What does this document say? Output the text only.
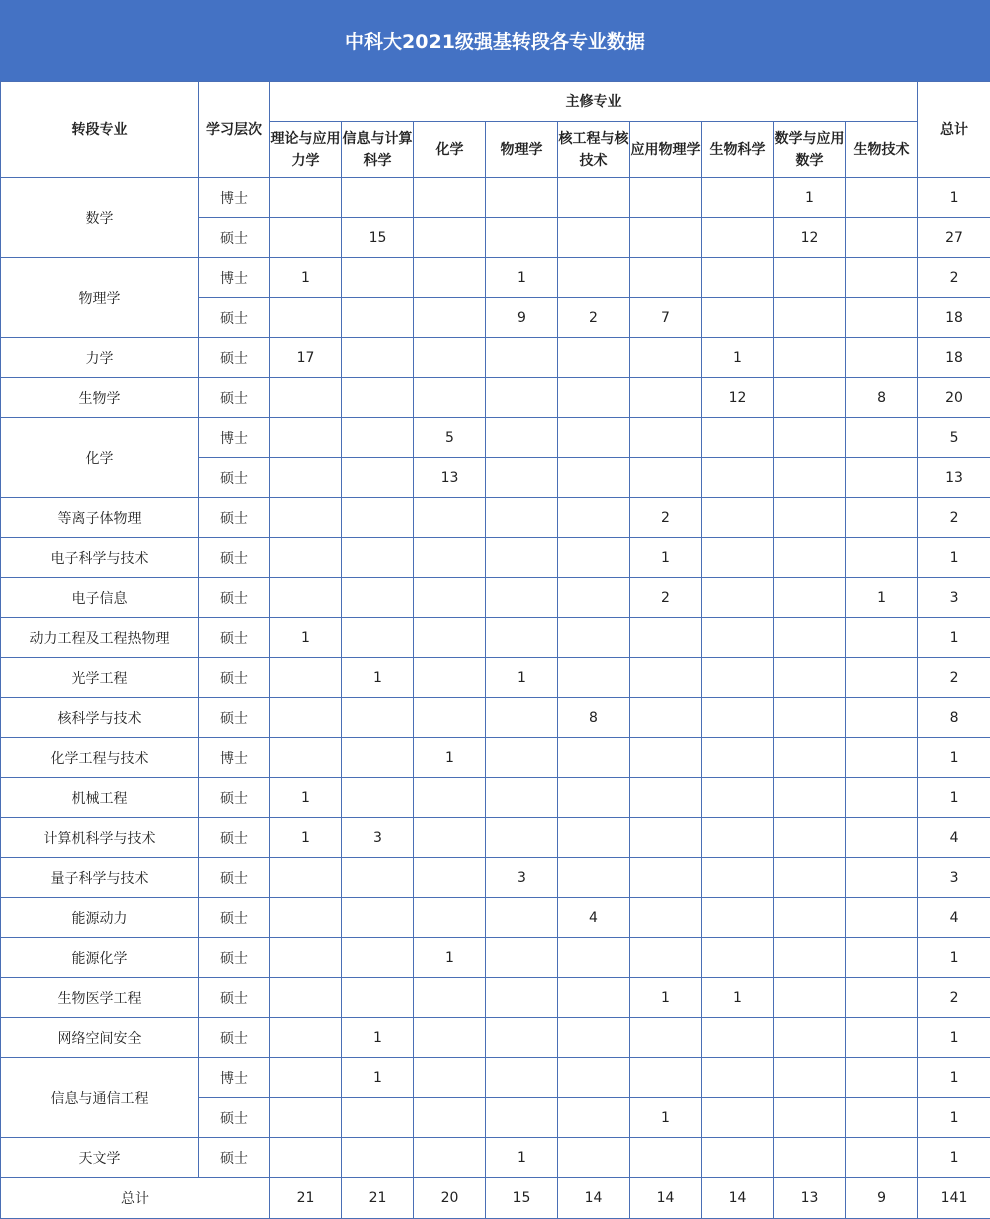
中科大2021级强基转段各专业数据
转段专业	学习层次	主修专业									总计
		理论与应用力学	信息与计算科学	化学	物理学	核工程与核技术	应用物理学	生物科学	数学与应用数学	生物技术	
数学	博士								1		1
	硕士		15						12		27
物理学	博士	1			1						2
	硕士				9	2	7				18
力学	硕士	17						1			18
生物学	硕士							12		8	20
化学	博士			5							5
	硕士			13							13
等离子体物理	硕士						2				2
电子科学与技术	硕士						1				1
电子信息	硕士						2			1	3
动力工程及工程热物理	硕士	1									1
光学工程	硕士		1		1						2
核科学与技术	硕士					8					8
化学工程与技术	博士			1							1
机械工程	硕士	1									1
计算机科学与技术	硕士	1	3								4
量子科学与技术	硕士				3						3
能源动力	硕士					4					4
能源化学	硕士			1							1
生物医学工程	硕士						1	1			2
网络空间安全	硕士		1								1
信息与通信工程	博士		1								1
	硕士						1				1
天文学	硕士				1						1
总计		21	21	20	15	14	14	14	13	9	141
